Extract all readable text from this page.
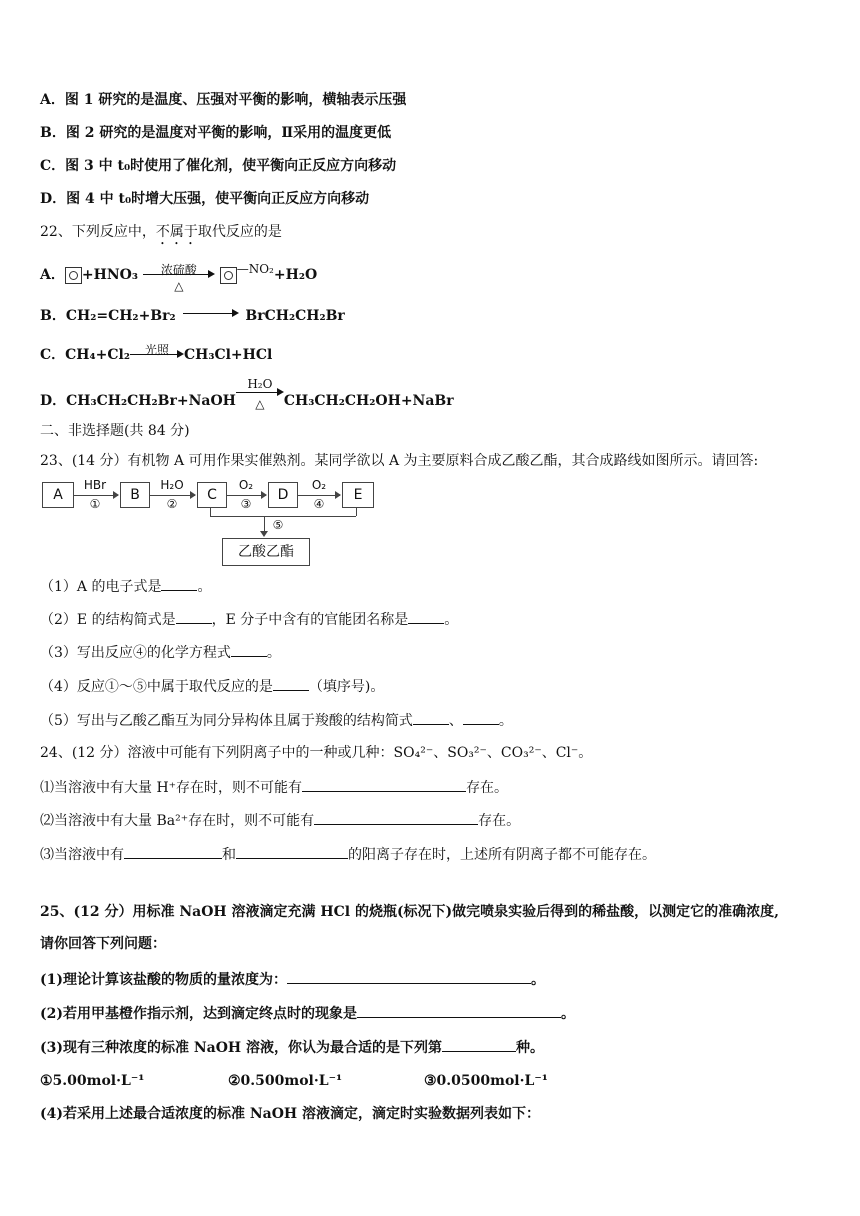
A．图 1 研究的是温度、压强对平衡的影响，横轴表示压强
B．图 2 研究的是温度对平衡的影响，Ⅱ采用的温度更低
C．图 3 中 t₀时使用了催化剂，使平衡向正反应方向移动
D．图 4 中 t₀时增大压强，使平衡向正反应方向移动
22、下列反应中，不属于取代反应的是
A． +HNO₃	浓硫酸
△
—NO₂+H₂O
B．CH₂=CH₂+Br₂	BrCH₂CH₂Br
C．CH₄+Cl₂	光照	CH₃Cl+HCl
D．CH₃CH₂CH₂Br+NaOH
H₂O
△	CH₃CH₂CH₂OH+NaBr
二、非选择题(共 84 分)
23、(14 分）有机物 A 可用作果实催熟剂。某同学欲以 A 为主要原料合成乙酸乙酯，其合成路线如图所示。请回答:
A	B	C	D	E
乙酸乙酯
HBr
①
H₂O
②
O₂
③
O₂
④
⑤
（1）A 的电子式是	。
（2）E 的结构简式是	，E 分子中含有的官能团名称是	。
（3）写出反应④的化学方程式	。
（4）反应①～⑤中属于取代反应的是	（填序号)。
（5）写出与乙酸乙酯互为同分异构体且属于羧酸的结构简式	、	。
24、(12 分）溶液中可能有下列阴离子中的一种或几种：SO₄²⁻、SO₃²⁻、CO₃²⁻、Cl⁻。
⑴当溶液中有大量 H⁺存在时，则不可能有	存在。
⑵当溶液中有大量 Ba²⁺存在时，则不可能有	存在。
⑶当溶液中有	和	的阳离子存在时，上述所有阴离子都不可能存在。
25、(12 分）用标准 NaOH 溶液滴定充满 HCl 的烧瓶(标况下)做完喷泉实验后得到的稀盐酸，以测定它的准确浓度,
请你回答下列问题：
(1)理论计算该盐酸的物质的量浓度为：	。
(2)若用甲基橙作指示剂，达到滴定终点时的现象是	。
(3)现有三种浓度的标准 NaOH 溶液，你认为最合适的是下列第	种。
①5.00mol·L⁻¹	②0.500mol·L⁻¹	③0.0500mol·L⁻¹
(4)若采用上述最合适浓度的标准 NaOH 溶液滴定，滴定时实验数据列表如下：
